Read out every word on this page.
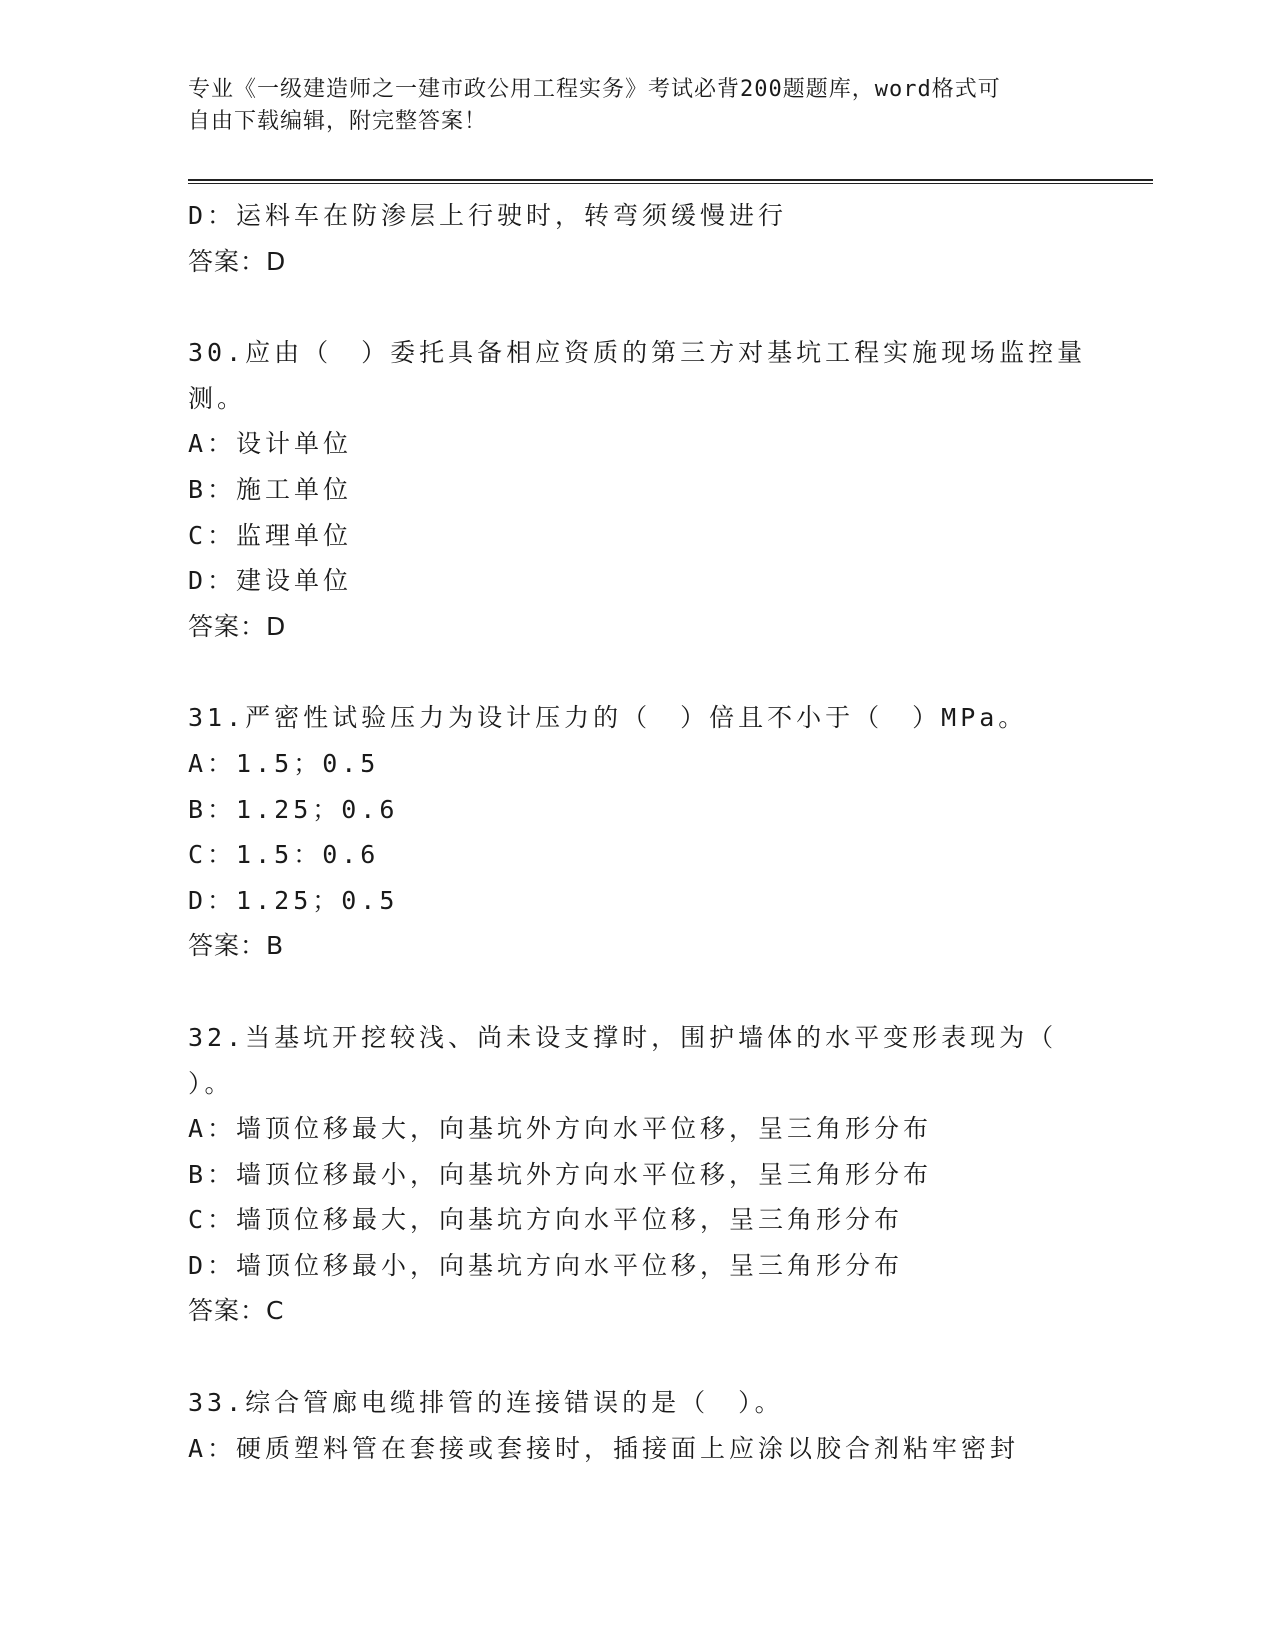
专业《一级建造师之一建市政公用工程实务》考试必背200题题库，word格式可
自由下载编辑，附完整答案！
D：运料车在防渗层上行驶时，转弯须缓慢进行
答案：D
30.应由（　）委托具备相应资质的第三方对基坑工程实施现场监控量
测。
A：设计单位
B：施工单位
C：监理单位
D：建设单位
答案：D
31.严密性试验压力为设计压力的（　）倍且不小于（　）MPa。
A：1.5；0.5
B：1.25；0.6
C：1.5：0.6
D：1.25；0.5
答案：B
32.当基坑开挖较浅、尚未设支撑时，围护墙体的水平变形表现为（
）。
A：墙顶位移最大，向基坑外方向水平位移，呈三角形分布
B：墙顶位移最小，向基坑外方向水平位移，呈三角形分布
C：墙顶位移最大，向基坑方向水平位移，呈三角形分布
D：墙顶位移最小，向基坑方向水平位移，呈三角形分布
答案：C
33.综合管廊电缆排管的连接错误的是（　）。
A：硬质塑料管在套接或套接时，插接面上应涂以胶合剂粘牢密封
